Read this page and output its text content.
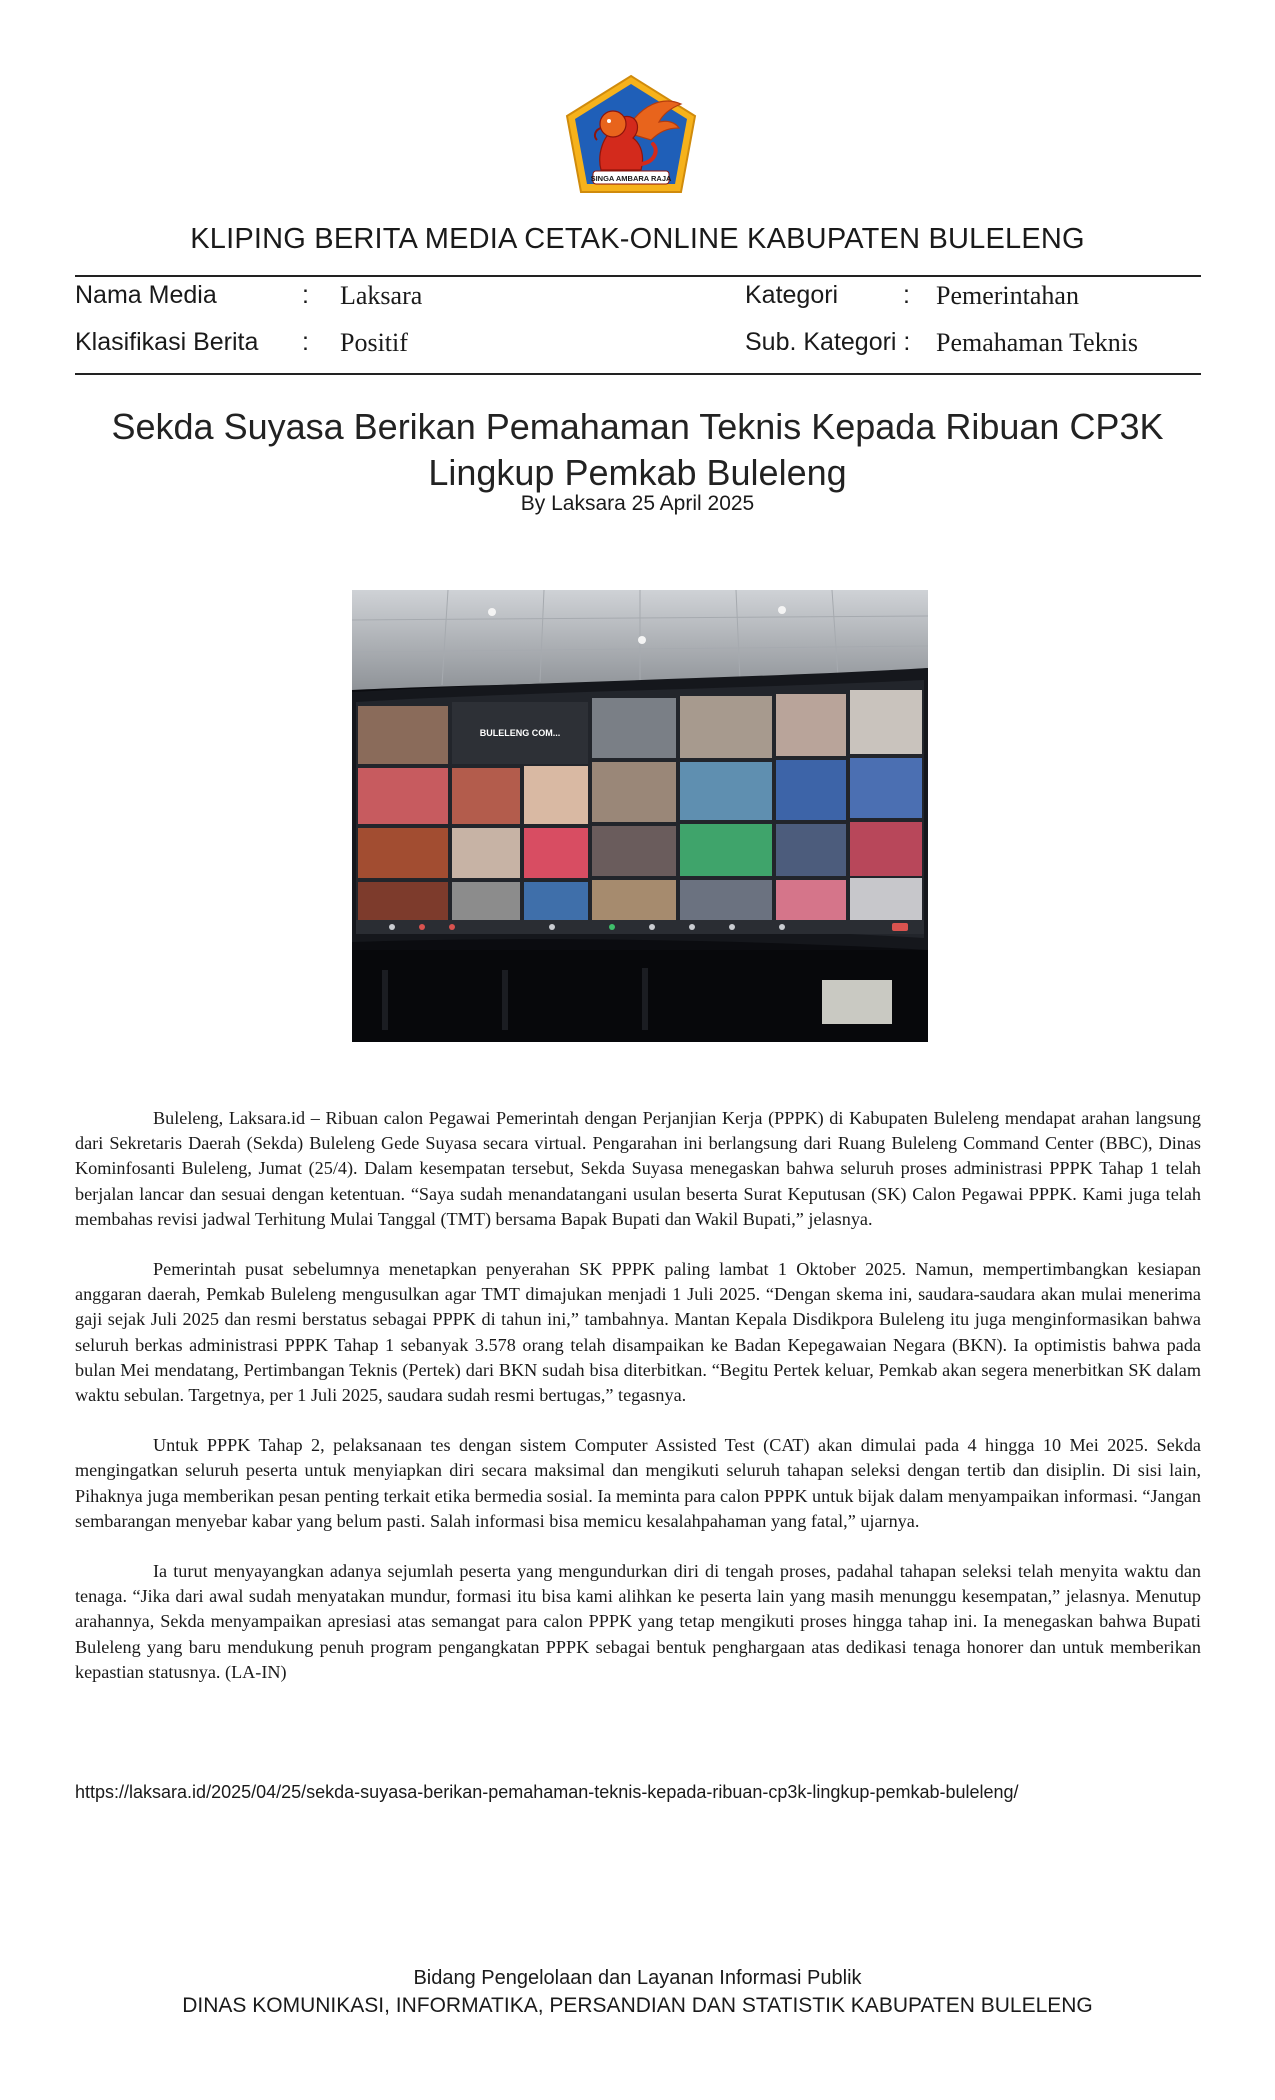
SINGA AMBARA RAJA
KLIPING BERITA MEDIA CETAK-ONLINE KABUPATEN BULELENG
Nama Media	: Laksara	Kategori	: Pemerintahan
Klasifikasi Berita : Positif	Sub. Kategori : Pemahaman Teknis
Sekda Suyasa Berikan Pemahaman Teknis Kepada Ribuan CP3K Lingkup Pemkab Buleleng
By Laksara 25 April 2025
BULELENG COM...

Buleleng, Laksara.id – Ribuan calon Pegawai Pemerintah dengan Perjanjian Kerja (PPPK) di Kabupaten Buleleng mendapat arahan langsung dari Sekretaris Daerah (Sekda) Buleleng Gede Suyasa secara virtual. Pengarahan ini berlangsung dari Ruang Buleleng Command Center (BBC), Dinas Kominfosanti Buleleng, Jumat (25/4). Dalam kesempatan tersebut, Sekda Suyasa menegaskan bahwa seluruh proses administrasi PPPK Tahap 1 telah berjalan lancar dan sesuai dengan ketentuan. “Saya sudah menandatangani usulan beserta Surat Keputusan (SK) Calon Pegawai PPPK. Kami juga telah membahas revisi jadwal Terhitung Mulai Tanggal (TMT) bersama Bapak Bupati dan Wakil Bupati,” jelasnya.

Pemerintah pusat sebelumnya menetapkan penyerahan SK PPPK paling lambat 1 Oktober 2025. Namun, mempertimbangkan kesiapan anggaran daerah, Pemkab Buleleng mengusulkan agar TMT dimajukan menjadi 1 Juli 2025. “Dengan skema ini, saudara-saudara akan mulai menerima gaji sejak Juli 2025 dan resmi berstatus sebagai PPPK di tahun ini,” tambahnya. Mantan Kepala Disdikpora Buleleng itu juga menginformasikan bahwa seluruh berkas administrasi PPPK Tahap 1 sebanyak 3.578 orang telah disampaikan ke Badan Kepegawaian Negara (BKN). Ia optimistis bahwa pada bulan Mei mendatang, Pertimbangan Teknis (Pertek) dari BKN sudah bisa diterbitkan. “Begitu Pertek keluar, Pemkab akan segera menerbitkan SK dalam waktu sebulan. Targetnya, per 1 Juli 2025, saudara sudah resmi bertugas,” tegasnya.

Untuk PPPK Tahap 2, pelaksanaan tes dengan sistem Computer Assisted Test (CAT) akan dimulai pada 4 hingga 10 Mei 2025. Sekda mengingatkan seluruh peserta untuk menyiapkan diri secara maksimal dan mengikuti seluruh tahapan seleksi dengan tertib dan disiplin. Di sisi lain, Pihaknya juga memberikan pesan penting terkait etika bermedia sosial. Ia meminta para calon PPPK untuk bijak dalam menyampaikan informasi. “Jangan sembarangan menyebar kabar yang belum pasti. Salah informasi bisa memicu kesalahpahaman yang fatal,” ujarnya.

Ia turut menyayangkan adanya sejumlah peserta yang mengundurkan diri di tengah proses, padahal tahapan seleksi telah menyita waktu dan tenaga. “Jika dari awal sudah menyatakan mundur, formasi itu bisa kami alihkan ke peserta lain yang masih menunggu kesempatan,” jelasnya. Menutup arahannya, Sekda menyampaikan apresiasi atas semangat para calon PPPK yang tetap mengikuti proses hingga tahap ini. Ia menegaskan bahwa Bupati Buleleng yang baru mendukung penuh program pengangkatan PPPK sebagai bentuk penghargaan atas dedikasi tenaga honorer dan untuk memberikan kepastian statusnya. (LA-IN)

https://laksara.id/2025/04/25/sekda-suyasa-berikan-pemahaman-teknis-kepada-ribuan-cp3k-lingkup-pemkab-buleleng/
Bidang Pengelolaan dan Layanan Informasi Publik
DINAS KOMUNIKASI, INFORMATIKA, PERSANDIAN DAN STATISTIK KABUPATEN BULELENG
